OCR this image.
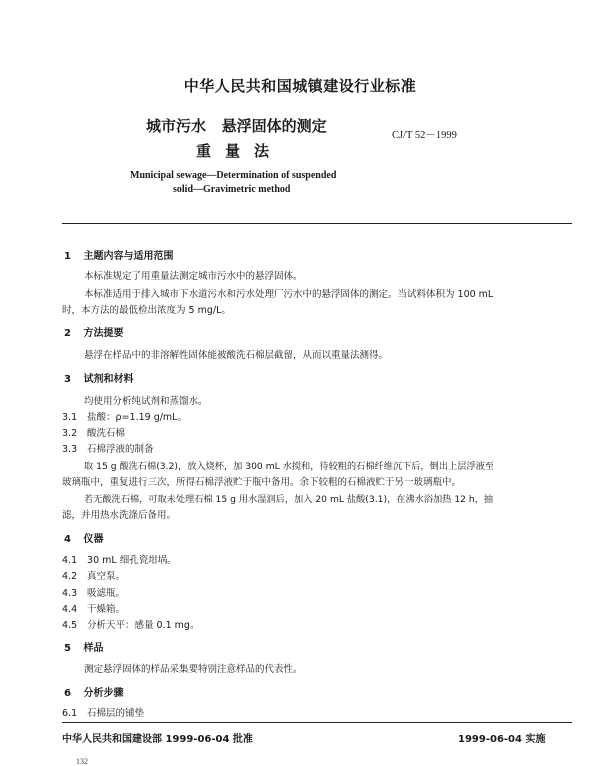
中华人民共和国城镇建设行业标准
城市污水   悬浮固体的测定
重量法
CJ/T 52－1999
Municipal sewage—Determination of suspended
solid—Gravimetric method
1 主题内容与适用范围
本标准规定了用重量法测定城市污水中的悬浮固体。
本标准适用于排入城市下水道污水和污水处理厂污水中的悬浮固体的测定。当试料体积为 100 mL
时，本方法的最低检出浓度为 5 mg/L。
2 方法提要
悬浮在样品中的非溶解性固体能被酸洗石棉层截留，从而以重量法测得。
3 试剂和材料
均使用分析纯试剂和蒸馏水。
3.1 盐酸：ρ=1.19 g/mL。
3.2 酸洗石棉
3.3 石棉浮液的制备
取 15 g 酸洗石棉(3.2)，放入烧杯，加 300 mL 水搅和，待较粗的石棉纤维沉下后，倒出上层浮液至
玻璃瓶中，重复进行三次，所得石棉浮液贮于瓶中备用。余下较粗的石棉液贮于另一玻璃瓶中。
若无酸洗石棉，可取未处理石棉 15 g 用水湿润后，加入 20 mL 盐酸(3.1)，在沸水浴加热 12 h，抽
滤，并用热水洗涤后备用。
4 仪器
4.1 30 mL 细孔瓷坩埚。
4.2 真空泵。
4.3 吸滤瓶。
4.4 干燥箱。
4.5 分析天平：感量 0.1 mg。
5 样品
测定悬浮固体的样品采集要特别注意样品的代表性。
6 分析步骤
6.1 石棉层的铺垫
中华人民共和国建设部 1999-06-04 批准	1999-06-04 实施
132
